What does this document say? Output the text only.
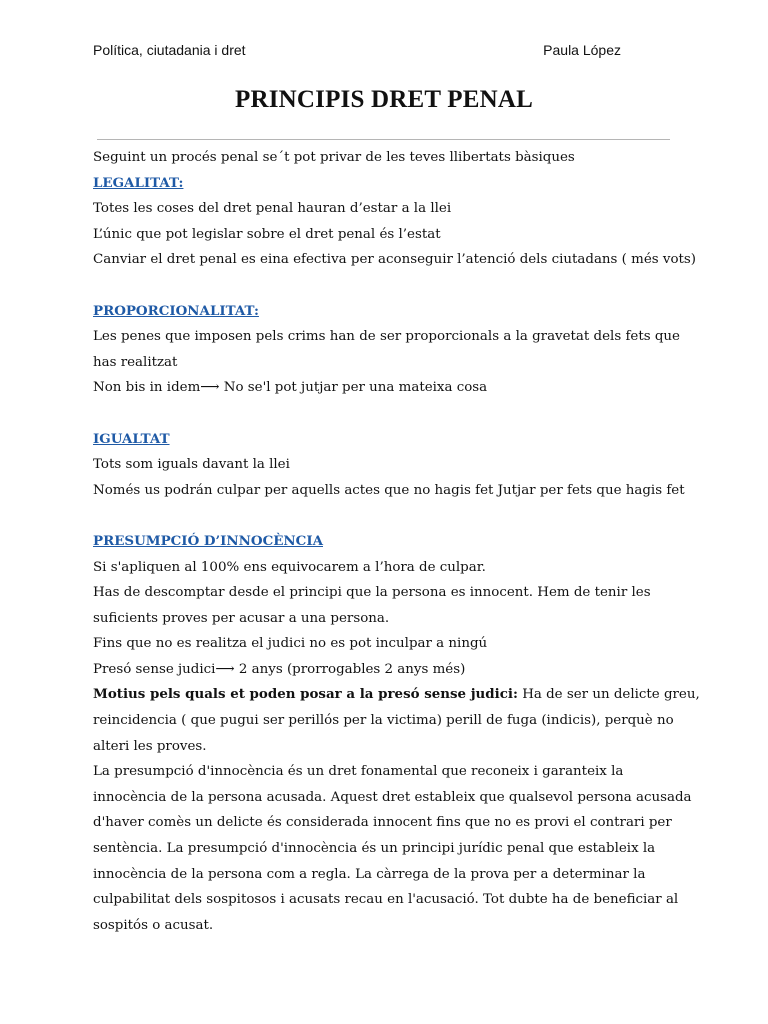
Política, ciutadania i dret	Paula López
PRINCIPIS DRET PENAL
Seguint un procés penal se´t pot privar de les teves llibertats bàsiques
LEGALITAT:
Totes les coses del dret penal hauran d’estar a la llei
L’únic que pot legislar sobre el dret penal és l’estat
Canviar el dret penal es eina efectiva per aconseguir l’atenció dels ciutadans ( més vots)
PROPORCIONALITAT:
Les penes que imposen pels crims han de ser proporcionals a la gravetat dels fets que
has realitzat
Non bis in idem⟶ No se'l pot jutjar per una mateixa cosa
IGUALTAT
Tots som iguals davant la llei
Només us podrán culpar per aquells actes que no hagis fet Jutjar per fets que hagis fet
PRESUMPCIÓ D’INNOCÈNCIA
Si s'apliquen al 100% ens equivocarem a l’hora de culpar.
Has de descomptar desde el principi que la persona es innocent. Hem de tenir les
suficients proves per acusar a una persona.
Fins que no es realitza el judici no es pot inculpar a ningú
Presó sense judici⟶ 2 anys (prorrogables 2 anys més)
Motius pels quals et poden posar a la presó sense judici: Ha de ser un delicte greu,
reincidencia ( que pugui ser perillós per la victima) perill de fuga (indicis), perquè no
alteri les proves.
La presumpció d'innocència és un dret fonamental que reconeix i garanteix la
innocència de la persona acusada. Aquest dret estableix que qualsevol persona acusada
d'haver comès un delicte és considerada innocent fins que no es provi el contrari per
sentència. La presumpció d'innocència és un principi jurídic penal que estableix la
innocència de la persona com a regla. La càrrega de la prova per a determinar la
culpabilitat dels sospitosos i acusats recau en l'acusació. Tot dubte ha de beneficiar al
sospitós o acusat.
